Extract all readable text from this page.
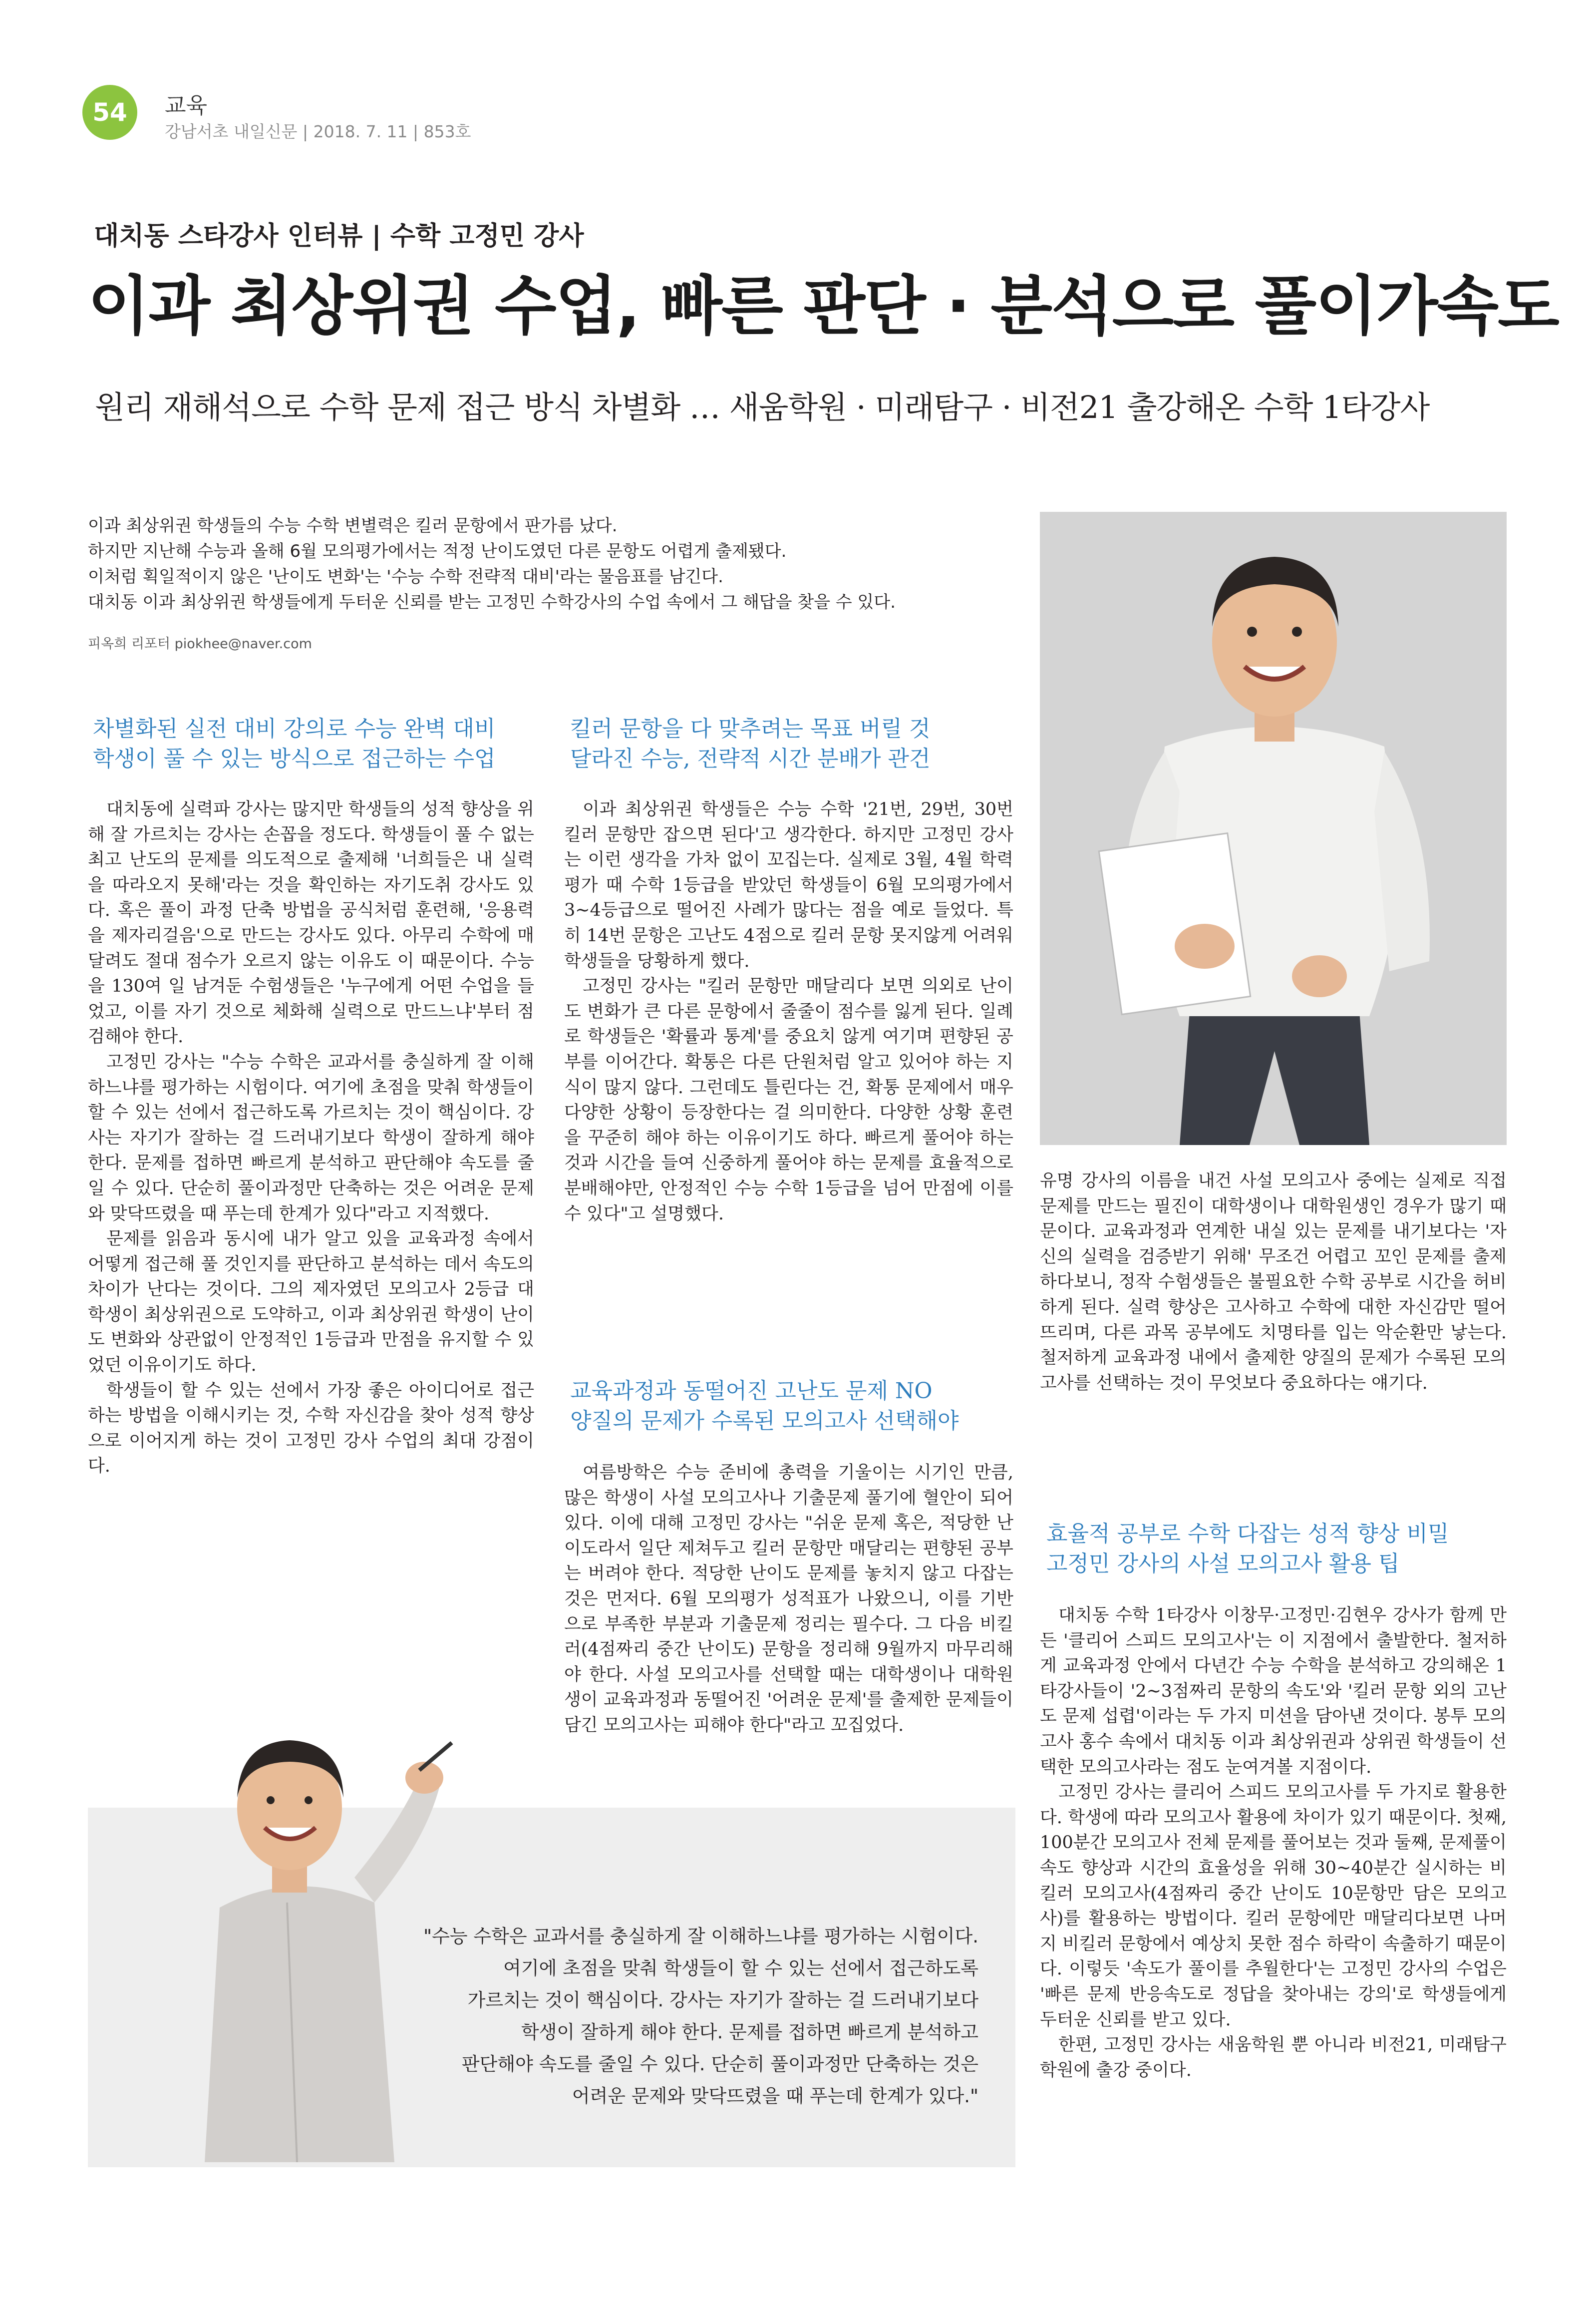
54 교육
강남서초 내일신문 | 2018. 7. 11 | 853호
대치동 스타강사 인터뷰 | 수학 고정민 강사
이과 최상위권 수업, 빠른 판단 · 분석으로 풀이가속도
원리 재해석으로 수학 문제 접근 방식 차별화 … 새움학원 · 미래탐구 · 비전21 출강해온 수학 1타강사

이과 최상위권 학생들의 수능 수학 변별력은 킬러 문항에서 판가름 났다.

하지만 지난해 수능과 올해 6월 모의평가에서는 적정 난이도였던 다른 문항도 어렵게 출제됐다.

이처럼 획일적이지 않은 '난이도 변화'는 '수능 수학 전략적 대비'라는 물음표를 남긴다.

대치동 이과 최상위권 학생들에게 두터운 신뢰를 받는 고정민 수학강사의 수업 속에서 그 해답을 찾을 수 있다.

피옥희 리포터 piokhee@naver.com
차별화된 실전 대비 강의로 수능 완벽 대비
학생이 풀 수 있는 방식으로 접근하는 수업

대치동에 실력파 강사는 많지만 학생들의 성적 향상을 위해 잘 가르치는 강사는 손꼽을 정도다. 학생들이 풀 수 없는 최고 난도의 문제를 의도적으로 출제해 '너희들은 내 실력을 따라오지 못해'라는 것을 확인하는 자기도취 강사도 있다. 혹은 풀이 과정 단축 방법을 공식처럼 훈련해, '응용력을 제자리걸음'으로 만드는 강사도 있다. 아무리 수학에 매달려도 절대 점수가 오르지 않는 이유도 이 때문이다. 수능을 130여 일 남겨둔 수험생들은 '누구에게 어떤 수업을 들었고, 이를 자기 것으로 체화해 실력으로 만드느냐'부터 점검해야 한다.

고정민 강사는 "수능 수학은 교과서를 충실하게 잘 이해하느냐를 평가하는 시험이다. 여기에 초점을 맞춰 학생들이 할 수 있는 선에서 접근하도록 가르치는 것이 핵심이다. 강사는 자기가 잘하는 걸 드러내기보다 학생이 잘하게 해야 한다. 문제를 접하면 빠르게 분석하고 판단해야 속도를 줄일 수 있다. 단순히 풀이과정만 단축하는 것은 어려운 문제와 맞닥뜨렸을 때 푸는데 한계가 있다"라고 지적했다.

문제를 읽음과 동시에 내가 알고 있을 교육과정 속에서 어떻게 접근해 풀 것인지를 판단하고 분석하는 데서 속도의 차이가 난다는 것이다. 그의 제자였던 모의고사 2등급 대 학생이 최상위권으로 도약하고, 이과 최상위권 학생이 난이도 변화와 상관없이 안정적인 1등급과 만점을 유지할 수 있었던 이유이기도 하다.

학생들이 할 수 있는 선에서 가장 좋은 아이디어로 접근하는 방법을 이해시키는 것, 수학 자신감을 찾아 성적 향상으로 이어지게 하는 것이 고정민 강사 수업의 최대 강점이다.

킬러 문항을 다 맞추려는 목표 버릴 것
달라진 수능, 전략적 시간 분배가 관건

이과 최상위권 학생들은 수능 수학 '21번, 29번, 30번 킬러 문항만 잡으면 된다'고 생각한다. 하지만 고정민 강사는 이런 생각을 가차 없이 꼬집는다. 실제로 3월, 4월 학력평가 때 수학 1등급을 받았던 학생들이 6월 모의평가에서 3~4등급으로 떨어진 사례가 많다는 점을 예로 들었다. 특히 14번 문항은 고난도 4점으로 킬러 문항 못지않게 어려워 학생들을 당황하게 했다.

고정민 강사는 "킬러 문항만 매달리다 보면 의외로 난이도 변화가 큰 다른 문항에서 줄줄이 점수를 잃게 된다. 일례로 학생들은 '확률과 통계'를 중요치 않게 여기며 편향된 공부를 이어간다. 확통은 다른 단원처럼 알고 있어야 하는 지식이 많지 않다. 그런데도 틀린다는 건, 확통 문제에서 매우 다양한 상황이 등장한다는 걸 의미한다. 다양한 상황 훈련을 꾸준히 해야 하는 이유이기도 하다. 빠르게 풀어야 하는 것과 시간을 들여 신중하게 풀어야 하는 문제를 효율적으로 분배해야만, 안정적인 수능 수학 1등급을 넘어 만점에 이를 수 있다"고 설명했다.

교육과정과 동떨어진 고난도 문제 NO
양질의 문제가 수록된 모의고사 선택해야

여름방학은 수능 준비에 총력을 기울이는 시기인 만큼, 많은 학생이 사설 모의고사나 기출문제 풀기에 혈안이 되어 있다. 이에 대해 고정민 강사는 "쉬운 문제 혹은, 적당한 난이도라서 일단 제쳐두고 킬러 문항만 매달리는 편향된 공부는 버려야 한다. 적당한 난이도 문제를 놓치지 않고 다잡는 것은 먼저다. 6월 모의평가 성적표가 나왔으니, 이를 기반으로 부족한 부분과 기출문제 정리는 필수다. 그 다음 비킬러(4점짜리 중간 난이도) 문항을 정리해 9월까지 마무리해야 한다. 사설 모의고사를 선택할 때는 대학생이나 대학원생이 교육과정과 동떨어진 '어려운 문제'를 출제한 문제들이 담긴 모의고사는 피해야 한다"라고 꼬집었다.

유명 강사의 이름을 내건 사설 모의고사 중에는 실제로 직접 문제를 만드는 필진이 대학생이나 대학원생인 경우가 많기 때문이다. 교육과정과 연계한 내실 있는 문제를 내기보다는 '자신의 실력을 검증받기 위해' 무조건 어렵고 꼬인 문제를 출제하다보니, 정작 수험생들은 불필요한 수학 공부로 시간을 허비하게 된다. 실력 향상은 고사하고 수학에 대한 자신감만 떨어뜨리며, 다른 과목 공부에도 치명타를 입는 악순환만 낳는다. 철저하게 교육과정 내에서 출제한 양질의 문제가 수록된 모의고사를 선택하는 것이 무엇보다 중요하다는 얘기다.

효율적 공부로 수학 다잡는 성적 향상 비밀
고정민 강사의 사설 모의고사 활용 팁

대치동 수학 1타강사 이창무·고정민·김현우 강사가 함께 만든 '클리어 스피드 모의고사'는 이 지점에서 출발한다. 철저하게 교육과정 안에서 다년간 수능 수학을 분석하고 강의해온 1타강사들이 '2~3점짜리 문항의 속도'와 '킬러 문항 외의 고난도 문제 섭렵'이라는 두 가지 미션을 담아낸 것이다. 봉투 모의고사 홍수 속에서 대치동 이과 최상위권과 상위권 학생들이 선택한 모의고사라는 점도 눈여겨볼 지점이다.

고정민 강사는 클리어 스피드 모의고사를 두 가지로 활용한다. 학생에 따라 모의고사 활용에 차이가 있기 때문이다. 첫째, 100분간 모의고사 전체 문제를 풀어보는 것과 둘째, 문제풀이 속도 향상과 시간의 효율성을 위해 30~40분간 실시하는 비킬러 모의고사(4점짜리 중간 난이도 10문항만 담은 모의고사)를 활용하는 방법이다. 킬러 문항에만 매달리다보면 나머지 비킬러 문항에서 예상치 못한 점수 하락이 속출하기 때문이다. 이렇듯 '속도가 풀이를 추월한다'는 고정민 강사의 수업은 '빠른 문제 반응속도로 정답을 찾아내는 강의'로 학생들에게 두터운 신뢰를 받고 있다.

한편, 고정민 강사는 새움학원 뿐 아니라 비전21, 미래탐구학원에 출강 중이다.

"수능 수학은 교과서를 충실하게 잘 이해하느냐를 평가하는 시험이다.

여기에 초점을 맞춰 학생들이 할 수 있는 선에서 접근하도록

가르치는 것이 핵심이다. 강사는 자기가 잘하는 걸 드러내기보다

학생이 잘하게 해야 한다. 문제를 접하면 빠르게 분석하고

판단해야 속도를 줄일 수 있다. 단순히 풀이과정만 단축하는 것은

어려운 문제와 맞닥뜨렸을 때 푸는데 한계가 있다."
